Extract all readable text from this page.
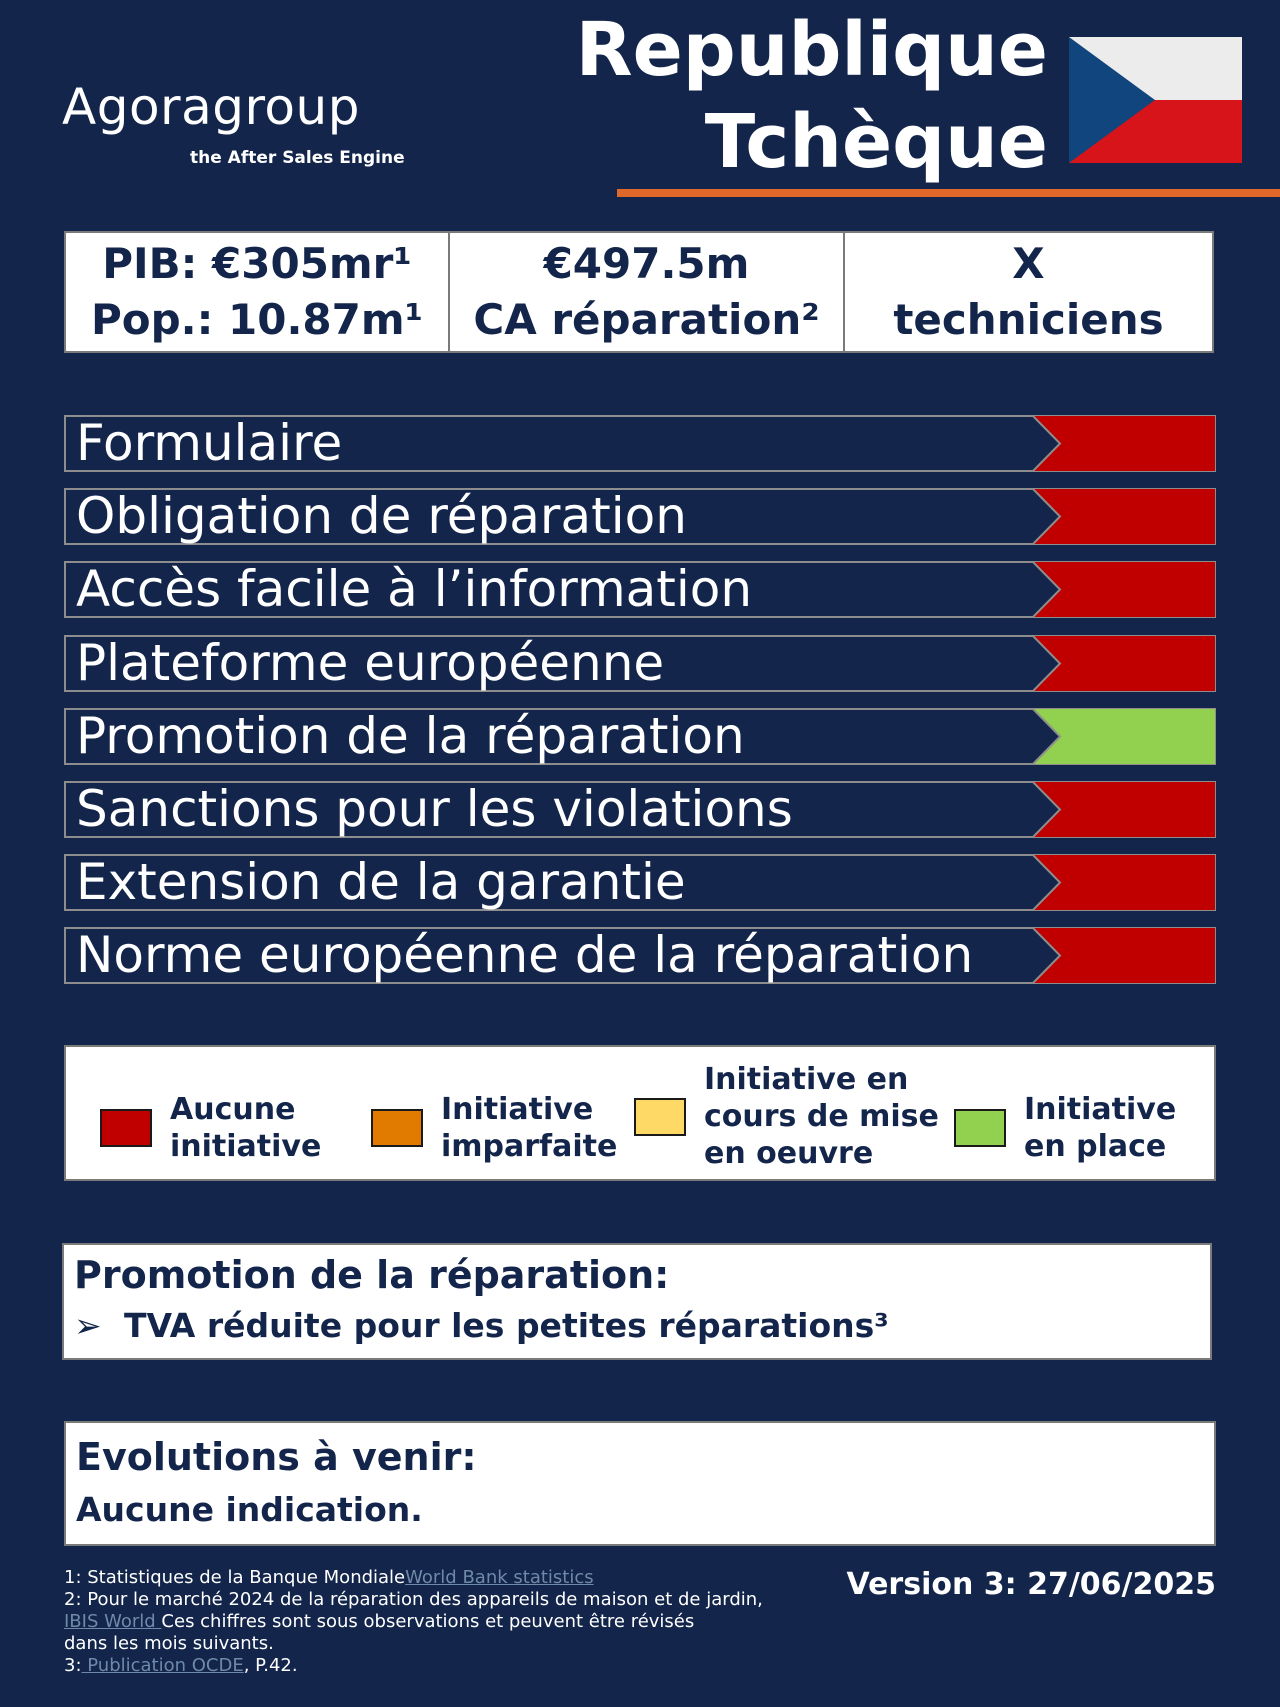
Agoragroup
the After Sales Engine
Republique
Tchèque
PIB: €305mr¹
Pop.: 10.87m¹
€497.5m
CA réparation²
X
techniciens
Formulaire
Obligation de réparation
Accès facile à l’information
Plateforme européenne
Promotion de la réparation
Sanctions pour les violations
Extension de la garantie
Norme européenne de la réparation
Aucune
initiative
Initiative
imparfaite
Initiative en
cours de mise
en oeuvre
Initiative
en place
Promotion de la réparation:
➢ TVA réduite pour les petites réparations³
Evolutions à venir:
Aucune indication.
1: Statistiques de la Banque MondialeWorld Bank statistics
2: Pour le marché 2024 de la réparation des appareils de maison et de jardin,
IBIS World Ces chiffres sont sous observations et peuvent être révisés
dans les mois suivants.
3: Publication OCDE, P.42.
Version 3: 27/06/2025
